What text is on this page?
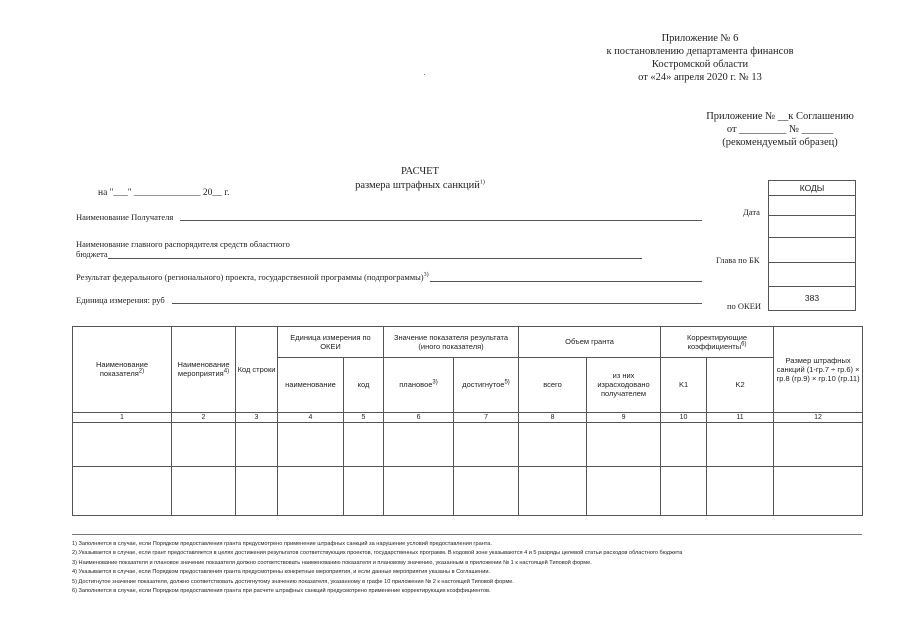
Приложение № 6
к постановлению департамента финансов
Костромской области
от «24» апреля 2020 г. № 13
Приложение № __к Соглашению
от _________ № ______
(рекомендуемый образец)
РАСЧЕТ
размера штрафных санкций$^{1)}$
на "___" ______________ 20__ г.
Наименование Получателя
Наименование главного распорядителя средств областного
бюджета
Результат федерального (регионального) проекта, государственной программы (подпрограммы)$^{3)}$
Единица измерения: руб
КОДЫ
383
Дата
Глава по БК
по ОКЕИ
Наименование показателя$^{2)}$	Наименование мероприятия$^{4)}$	Код строки	Единица измерения по ОКЕИ		Значение показателя результата (иного показателя)		Объем гранта		Корректирующие коэффициенты$^{6)}$		Размер штрафных санкций (1-гр.7 ÷ гр.6) × гр.8 (гр.9) × гр.10 (гр.11)
			наименование	код	плановое$^{3)}$	достигнутое$^{5)}$	всего	из них израсходовано получателем	K1	K2	
1	2	3	4	5	6	7	8	9	10	11	12

1) Заполняется в случае, если Порядком предоставления гранта предусмотрено применение штрафных санкций за нарушение условий предоставления гранта.
2) Указывается в случае, если грант предоставляется в целях достижения результатов соответствующих проектов, государственных программ. В кодовой зоне указываются 4 и 5 разряды целевой статьи расходов областного бюджета
3) Наименование показателя и плановое значение показателя должно соответствовать наименованию показателя и плановому значению, указанным в приложении № 1 к настоящей Типовой форме.
4) Указывается в случае, если Порядком предоставления гранта предусмотрены конкретные мероприятия, и если данные мероприятия указаны в Соглашении.
5) Достигнутое значение показателя, должно соответствовать достигнутому значению показателя, указанному в графе 10 приложения № 2 к настоящей Типовой форме.
6) Заполняется в случае, если Порядком предоставления гранта при расчете штрафных санкций предусмотрено применение корректирующих коэффициентов.
